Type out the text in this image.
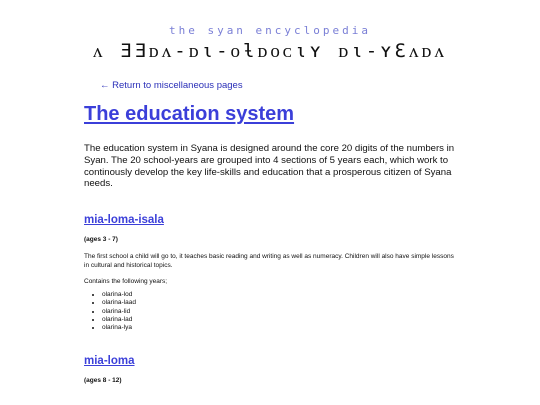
the syan encyclopedia
ᴧ ƎƎᴅᴧ-ᴅι-ᴏƚᴅᴏᴄιʏ ᴅι-ʏƐᴧᴅᴧ
← Return to miscellaneous pages
The education system

The education system in Syana is designed around the core 20 digits of the numbers in Syan. The 20 school-years are grouped into 4 sections of 5 years each, which work to continously develop the key life-skills and education that a prosperous citizen of Syana needs.

mia-loma-isala
(ages 3 - 7)

The first school a child will go to, it teaches basic reading and writing as well as numeracy. Children will also have simple lessons in cultural and historical topics.

Contains the following years;

• olarina-lod
• olarina-laad
• olarina-lid
• olarina-lad
• olarina-lya
mia-loma
(ages 8 - 12)
